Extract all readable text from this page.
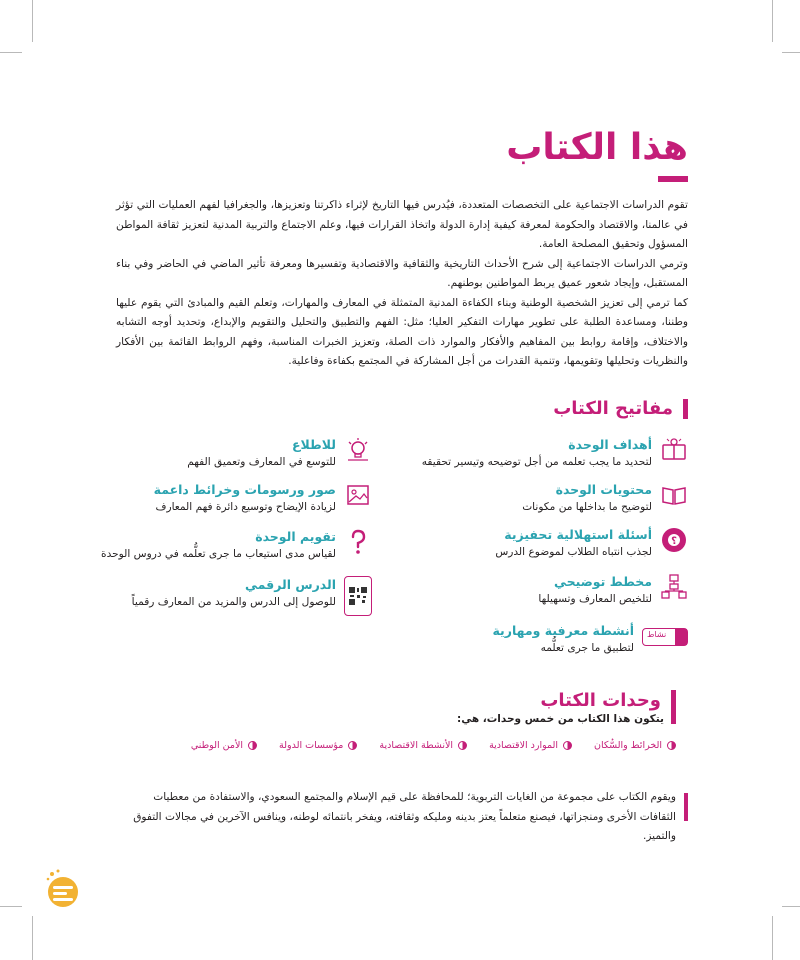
هذا الكتاب

تقوم الدراسات الاجتماعية على التخصصات المتعددة، فيُدرس فيها التاريخ لإثراء ذاكرتنا وتعزيزها، والجغرافيا لفهم العمليات التي تؤثر في عالمنا، والاقتصاد والحكومة لمعرفة كيفية إدارة الدولة واتخاذ القرارات فيها، وعلم الاجتماع والتربية المدنية لتعزيز ثقافة المواطن المسؤول وتحقيق المصلحة العامة.

وترمي الدراسات الاجتماعية إلى شرح الأحداث التاريخية والثقافية والاقتصادية وتفسيرها ومعرفة تأثير الماضي في الحاضر وفي بناء المستقبل، وإيجاد شعور عميق يربط المواطنين بوطنهم.

كما ترمي إلى تعزيز الشخصية الوطنية وبناء الكفاءة المدنية المتمثلة في المعارف والمهارات، وتعلم القيم والمبادئ التي يقوم عليها وطننا، ومساعدة الطلبة على تطوير مهارات التفكير العليا؛ مثل: الفهم والتطبيق والتحليل والتقويم والإبداع، وتحديد أوجه التشابه والاختلاف، وإقامة روابط بين المفاهيم والأفكار والموارد ذات الصلة، وتعزيز الخبرات المناسبة، وفهم الروابط القائمة بين الأفكار والنظريات وتحليلها وتقويمها، وتنمية القدرات من أجل المشاركة في المجتمع بكفاءة وفاعلية.

مفاتيح الكتاب
أهداف الوحدة
لتحديد ما يجب تعلمه من أجل توضيحه وتيسير تحقيقه
محتويات الوحدة
لتوضيح ما بداخلها من مكونات
؟
أسئلة استهلالية تحفيزية
لجذب انتباه الطلاب لموضوع الدرس
مخطط توضيحي
لتلخيص المعارف وتسهيلها
نشاط
أنشطة معرفية ومهارية
لتطبيق ما جرى تعلُّمه
للاطلاع
للتوسع في المعارف وتعميق الفهم
صور ورسومات وخرائط داعمة
لزيادة الإيضاح وتوسيع دائرة فهم المعارف
تقويم الوحدة
لقياس مدى استيعاب ما جرى تعلُّمه في دروس الوحدة
الدرس الرقمي
للوصول إلى الدرس والمزيد من المعارف رقمياً
وحدات الكتاب
يتكون هذا الكتاب من خمس وحدات، هي:
الخرائط والسُّكان
الموارد الاقتصادية
الأنشطة الاقتصادية
مؤسسات الدولة
الأمن الوطني

ويقوم الكتاب على مجموعة من الغايات التربوية؛ للمحافظة على قيم الإسلام والمجتمع السعودي، والاستفادة من معطيات الثقافات الأخرى ومنجزاتها، فيصنع متعلماً يعتز بدينه ومليكه وثقافته، ويفخر بانتمائه لوطنه، وينافس الآخرين في مجالات التفوق والتميز.
